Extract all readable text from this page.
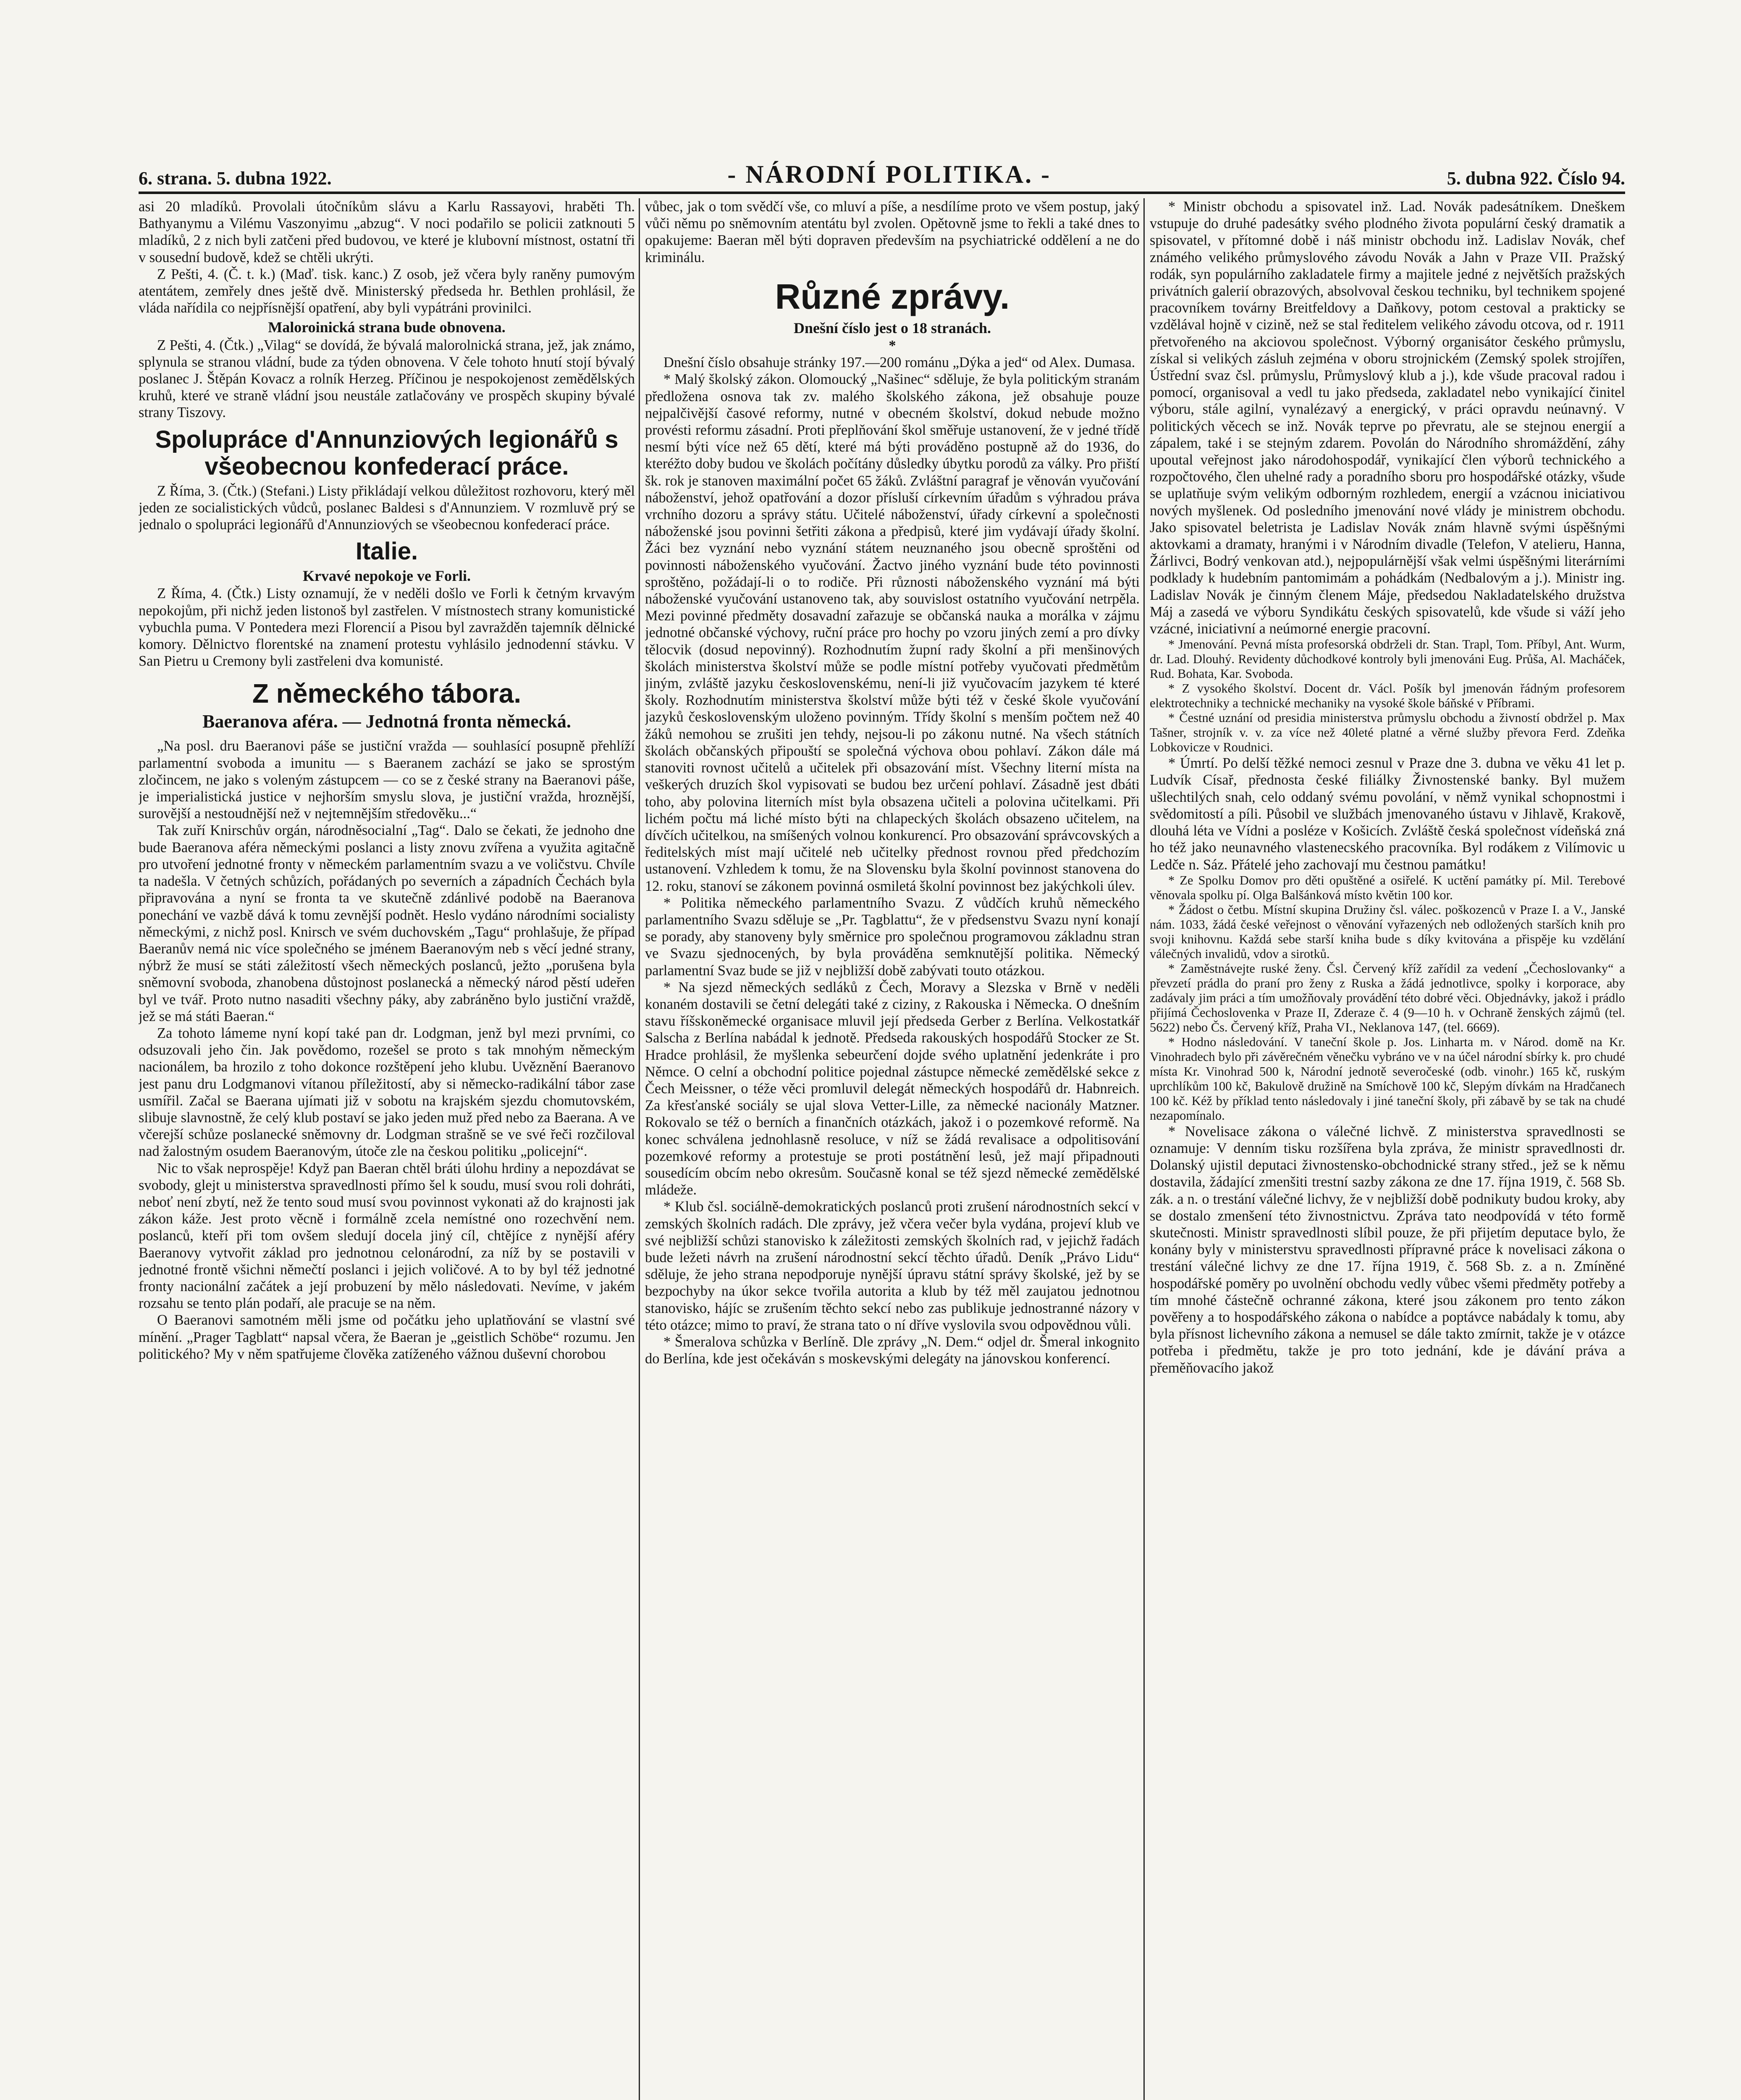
6. strana. 5. dubna 1922.	- NÁRODNÍ POLITIKA. -	5. dubna 922. Číslo 94.

asi 20 mladíků. Provolali útočníkům slávu a Karlu Rassayovi, hraběti Th. Bathyanymu a Vilému Vaszonyimu „abzug“. V noci podařilo se policii zatknouti 5 mladíků, 2 z nich byli zatčeni před budovou, ve které je klubovní místnost, ostatní tři v sousední budově, kdež se chtěli ukrýti.

Z Pešti, 4. (Č. t. k.) (Maď. tisk. kanc.) Z osob, jež včera byly raněny pumovým atentátem, zemřely dnes ještě dvě. Ministerský předseda hr. Bethlen prohlásil, že vláda nařídila co nejpřísnější opatření, aby byli vypátráni provinilci.

Maloroinická strana bude obnovena.

Z Pešti, 4. (Čtk.) „Vilag“ se dovídá, že bývalá malorolnická strana, jež, jak známo, splynula se stranou vládní, bude za týden obnovena. V čele tohoto hnutí stojí bývalý poslanec J. Štěpán Kovacz a rolník Herzeg. Příčinou je nespokojenost zemědělských kruhů, které ve straně vládní jsou neustále zatlačovány ve prospěch skupiny bývalé strany Tiszovy.

Spolupráce d'Annunziových legionářů s všeobecnou konfederací práce.

Z Říma, 3. (Čtk.) (Stefani.) Listy přikládají velkou důležitost rozhovoru, který měl jeden ze socialistických vůdců, poslanec Baldesi s d'Annunziem. V rozmluvě prý se jednalo o spolupráci legionářů d'Annunziových se všeobecnou konfederací práce.

Italie.
Krvavé nepokoje ve Forli.

Z Říma, 4. (Čtk.) Listy oznamují, že v neděli došlo ve Forli k četným krvavým nepokojům, při nichž jeden listonoš byl zastřelen. V místnostech strany komunistické vybuchla puma. V Pontedera mezi Florencií a Pisou byl zavražděn tajemník dělnické komory. Dělnictvo florentské na znamení protestu vyhlásilo jednodenní stávku. V San Pietru u Cremony byli zastřeleni dva komunisté.

Z německého tábora.
Baeranova aféra. — Jednotná fronta německá.

„Na posl. dru Baeranovi páše se justiční vražda — souhlasící posupně přehlíží parlamentní svoboda a imunitu — s Baeranem zachází se jako se sprostým zločincem, ne jako s voleným zástupcem — co se z české strany na Baeranovi páše, je imperialistická justice v nejhorším smyslu slova, je justiční vražda, hroznější, surovější a nestoudnější než v nejtemnějším středověku...“

Tak zuří Knirschův orgán, národněsocialní „Tag“. Dalo se čekati, že jednoho dne bude Baeranova aféra německými poslanci a listy znovu zvířena a využita agitačně pro utvoření jednotné fronty v německém parlamentním svazu a ve voličstvu. Chvíle ta nadešla. V četných schůzích, pořádaných po severních a západních Čechách byla připravována a nyní se fronta ta ve skutečně zdánlivé podobě na Baeranova ponechání ve vazbě dává k tomu zevnější podnět. Heslo vydáno národními socialisty německými, z nichž posl. Knirsch ve svém duchovském „Tagu“ prohlašuje, že případ Baeranův nemá nic více společného se jménem Baeranovým neb s věcí jedné strany, nýbrž že musí se státi záležitostí všech německých poslanců, ježto „porušena byla sněmovní svoboda, zhanobena důstojnost poslanecká a německý národ pěstí udeřen byl ve tvář. Proto nutno nasaditi všechny páky, aby zabráněno bylo justiční vraždě, jež se má státi Baeran.“

Za tohoto lámeme nyní kopí také pan dr. Lodgman, jenž byl mezi prvními, co odsuzovali jeho čin. Jak povědomo, rozešel se proto s tak mnohým německým nacionálem, ba hrozilo z toho dokonce rozštěpení jeho klubu. Uvěznění Baeranovo jest panu dru Lodgmanovi vítanou příležitostí, aby si německo-radikální tábor zase usmířil. Začal se Baerana ujímati již v sobotu na krajském sjezdu chomutovském, slibuje slavnostně, že celý klub postaví se jako jeden muž před nebo za Baerana. A ve včerejší schůze poslanecké sněmovny dr. Lodgman strašně se ve své řeči rozčiloval nad žalostným osudem Baeranovým, útoče zle na českou politiku „policejní“.

Nic to však neprospěje! Když pan Baeran chtěl bráti úlohu hrdiny a nepozdávat se svobody, glejt u ministerstva spravedlnosti přímo šel k soudu, musí svou roli dohráti, neboť není zbytí, než že tento soud musí svou povinnost vykonati až do krajnosti jak zákon káže. Jest proto věcně i formálně zcela nemístné ono rozechvění nem. poslanců, kteří při tom ovšem sledují docela jiný cíl, chtějíce z nynější aféry Baeranovy vytvořit základ pro jednotnou celonárodní, za níž by se postavili v jednotné frontě všichni němečtí poslanci i jejich voličové. A to by byl též jednotné fronty nacionální začátek a její probuzení by mělo následovati. Nevíme, v jakém rozsahu se tento plán podaří, ale pracuje se na něm.

O Baeranovi samotném měli jsme od počátku jeho uplatňování se vlastní své mínění. „Prager Tagblatt“ napsal včera, že Baeran je „geistlich Schöbe“ rozumu. Jen politického? My v něm spatřujeme člověka zatíženého vážnou duševní chorobou

vůbec, jak o tom svědčí vše, co mluví a píše, a nesdílíme proto ve všem postup, jaký vůči němu po sněmovním atentátu byl zvolen. Opětovně jsme to řekli a také dnes to opakujeme: Baeran měl býti dopraven především na psychiatrické oddělení a ne do kriminálu.

Různé zprávy.
Dnešní číslo jest o 18 stranách.
*

Dnešní číslo obsahuje stránky 197.—200 románu „Dýka a jed“ od Alex. Dumasa.

* Malý školský zákon. Olomoucký „Našinec“ sděluje, že byla politickým stranám předložena osnova tak zv. malého školského zákona, jež obsahuje pouze nejpalčivější časové reformy, nutné v obecném školství, dokud nebude možno provésti reformu zásadní. Proti přeplňování škol směřuje ustanovení, že v jedné třídě nesmí býti více než 65 dětí, které má býti prováděno postupně až do 1936, do kteréžto doby budou ve školách počítány důsledky úbytku porodů za války. Pro přiští šk. rok je stanoven maximální počet 65 žáků. Zvláštní paragraf je věnován vyučování náboženství, jehož opatřování a dozor přísluší církevním úřadům s výhradou práva vrchního dozoru a správy státu. Učitelé náboženství, úřady církevní a společnosti náboženské jsou povinni šetřiti zákona a předpisů, které jim vydávají úřady školní. Žáci bez vyznání nebo vyznání státem neuznaného jsou obecně sproštěni od povinnosti náboženského vyučování. Žactvo jiného vyznání bude této povinnosti sproštěno, požádají-li o to rodiče. Při různosti náboženského vyznání má býti náboženské vyučování ustanoveno tak, aby souvislost ostatního vyučování netrpěla. Mezi povinné předměty dosavadní zařazuje se občanská nauka a morálka v zájmu jednotné občanské výchovy, ruční práce pro hochy po vzoru jiných zemí a pro dívky tělocvik (dosud nepovinný). Rozhodnutím župní rady školní a při menšinových školách ministerstva školství může se podle místní potřeby vyučovati předmětům jiným, zvláště jazyku československému, není-li již vyučovacím jazykem té které školy. Rozhodnutím ministerstva školství může býti též v české škole vyučování jazyků československým uloženo povinným. Třídy školní s menším počtem než 40 žáků nemohou se zrušiti jen tehdy, nejsou-li po zákonu nutné. Na všech státních školách občanských připouští se společná výchova obou pohlaví. Zákon dále má stanoviti rovnost učitelů a učitelek při obsazování míst. Všechny literní místa na veškerých druzích škol vypisovati se budou bez určení pohlaví. Zásadně jest dbáti toho, aby polovina literních míst byla obsazena učiteli a polovina učitelkami. Při lichém počtu má liché místo býti na chlapeckých školách obsazeno učitelem, na dívčích učitelkou, na smíšených volnou konkurencí. Pro obsazování správcovských a ředitelských míst mají učitelé neb učitelky přednost rovnou před předchozím ustanovení. Vzhledem k tomu, že na Slovensku byla školní povinnost stanovena do 12. roku, stanoví se zákonem povinná osmiletá školní povinnost bez jakýchkoli úlev.

* Politika německého parlamentního Svazu. Z vůdčích kruhů německého parlamentního Svazu sděluje se „Pr. Tagblattu“, že v předsenstvu Svazu nyní konají se porady, aby stanoveny byly směrnice pro společnou programovou základnu stran ve Svazu sjednocených, by byla prováděna semknutější politika. Německý parlamentní Svaz bude se již v nejbližší době zabývati touto otázkou.

* Na sjezd německých sedláků z Čech, Moravy a Slezska v Brně v neděli konaném dostavili se četní delegáti také z ciziny, z Rakouska i Německa. O dnešním stavu říšskoněmecké organisace mluvil její předseda Gerber z Berlína. Velkostatkář Salscha z Berlína nabádal k jednotě. Předseda rakouských hospodářů Stocker ze St. Hradce prohlásil, že myšlenka sebeurčení dojde svého uplatnění jedenkráte i pro Němce. O celní a obchodní politice pojednal zástupce německé zemědělské sekce z Čech Meissner, o téže věci promluvil delegát německých hospodářů dr. Habnreich. Za křesťanské sociály se ujal slova Vetter-Lille, za německé nacionály Matzner. Rokovalo se též o berních a finančních otázkách, jakož i o pozemkové reformě. Na konec schválena jednohlasně resoluce, v níž se žádá revalisace a odpolitisování pozemkové reformy a protestuje se proti postátnění lesů, jež mají připadnouti sousedícím obcím nebo okresům. Současně konal se též sjezd německé zemědělské mládeže.

* Klub čsl. sociálně-demokratických poslanců proti zrušení národnostních sekcí v zemských školních radách. Dle zprávy, jež včera večer byla vydána, projeví klub ve své nejbližší schůzi stanovisko k záležitosti zemských školních rad, v jejichž řadách bude ležeti návrh na zrušení národnostní sekcí těchto úřadů. Deník „Právo Lidu“ sděluje, že jeho strana nepodporuje nynější úpravu státní správy školské, jež by se bezpochyby na úkor sekce tvořila autorita a klub by též měl zaujatou jednotnou stanovisko, hájíc se zrušením těchto sekcí nebo zas publikuje jednostranné názory v této otázce; mimo to praví, že strana tato o ní dříve vyslovila svou odpovědnou vůli.

* Šmeralova schůzka v Berlíně. Dle zprávy „N. Dem.“ odjel dr. Šmeral inkognito do Berlína, kde jest očekáván s moskevskými delegáty na jánovskou konferencí.

* Ministr obchodu a spisovatel inž. Lad. Novák padesátníkem. Dneškem vstupuje do druhé padesátky svého plodného života populární český dramatik a spisovatel, v přítomné době i náš ministr obchodu inž. Ladislav Novák, chef známého velikého průmyslového závodu Novák a Jahn v Praze VII. Pražský rodák, syn populárního zakladatele firmy a majitele jedné z největších pražských privátních galerií obrazových, absolvoval českou techniku, byl technikem spojené pracovníkem továrny Breitfeldovy a Daňkovy, potom cestoval a prakticky se vzdělával hojně v cizině, než se stal ředitelem velikého závodu otcova, od r. 1911 přetvořeného na akciovou společnost. Výborný organisátor českého průmyslu, získal si velikých zásluh zejména v oboru strojnickém (Zemský spolek strojířen, Ústřední svaz čsl. průmyslu, Průmyslový klub a j.), kde všude pracoval radou i pomocí, organisoval a vedl tu jako předseda, zakladatel nebo vynikající činitel výboru, stále agilní, vynalézavý a energický, v práci opravdu neúnavný. V politických věcech se inž. Novák teprve po převratu, ale se stejnou energií a zápalem, také i se stejným zdarem. Povolán do Národního shromáždění, záhy upoutal veřejnost jako národohospodář, vynikající člen výborů technického a rozpočtového, člen uhelné rady a poradního sboru pro hospodářské otázky, všude se uplatňuje svým velikým odborným rozhledem, energií a vzácnou iniciativou nových myšlenek. Od posledního jmenování nové vlády je ministrem obchodu. Jako spisovatel beletrista je Ladislav Novák znám hlavně svými úspěšnými aktovkami a dramaty, hranými i v Národním divadle (Telefon, V atelieru, Hanna, Žárlivci, Bodrý venkovan atd.), nejpopulárnější však velmi úspěšnými literárními podklady k hudebním pantomimám a pohádkám (Nedbalovým a j.). Ministr ing. Ladislav Novák je činným členem Máje, předsedou Nakladatelského družstva Máj a zasedá ve výboru Syndikátu českých spisovatelů, kde všude si váží jeho vzácné, iniciativní a neúmorné energie pracovní.

* Jmenování. Pevná místa profesorská obdrželi dr. Stan. Trapl, Tom. Příbyl, Ant. Wurm, dr. Lad. Dlouhý. Revidenty důchodkové kontroly byli jmenováni Eug. Průša, Al. Macháček, Rud. Bohata, Kar. Svoboda.

* Z vysokého školství. Docent dr. Václ. Pošík byl jmenován řádným profesorem elektrotechniky a technické mechaniky na vysoké škole báňské v Příbrami.

* Čestné uznání od presidia ministerstva průmyslu obchodu a živností obdržel p. Max Tašner, strojník v. v. za více než 40leté platné a věrné služby převora Ferd. Zdeňka Lobkovicze v Roudnici.

* Úmrtí. Po delší těžké nemoci zesnul v Praze dne 3. dubna ve věku 41 let p. Ludvík Císař, přednosta české filiálky Živnostenské banky. Byl mužem ušlechtilých snah, celo oddaný svému povolání, v němž vynikal schopnostmi i svědomitostí a píli. Působil ve službách jmenovaného ústavu v Jihlavě, Krakově, dlouhá léta ve Vídni a posléze v Košicích. Zvláště česká společnost vídeňská zná ho též jako neunavného vlastenecského pracovníka. Byl rodákem z Vilímovic u Ledče n. Sáz. Přátelé jeho zachovají mu čestnou památku!

* Ze Spolku Domov pro děti opuštěné a osiřelé. K uctění památky pí. Mil. Terebové věnovala spolku pí. Olga Balšánková místo květin 100 kor.

* Žádost o četbu. Místní skupina Družiny čsl. válec. poškozenců v Praze I. a V., Janské nám. 1033, žádá české veřejnost o věnování vyřazených neb odložených starších knih pro svoji knihovnu. Každá sebe starší kniha bude s díky kvitována a přispěje ku vzdělání válečných invalidů, vdov a sirotků.

* Zaměstnávejte ruské ženy. Čsl. Červený kříž zařídil za vedení „Čechoslovanky“ a převzetí prádla do praní pro ženy z Ruska a žádá jednotlivce, spolky i korporace, aby zadávaly jim práci a tím umožňovaly provádění této dobré věci. Objednávky, jakož i prádlo přijímá Čechoslovenka v Praze II, Zderaze č. 4 (9—10 h. v Ochraně ženských zájmů (tel. 5622) nebo Čs. Červený kříž, Praha VI., Neklanova 147, (tel. 6669).

* Hodno následování. V taneční škole p. Jos. Linharta m. v Národ. domě na Kr. Vinohradech bylo při závěrečném věnečku vybráno ve v na účel národní sbírky k. pro chudé místa Kr. Vinohrad 500 k, Národní jednotě severočeské (odb. vinohr.) 165 kč, ruským uprchlíkům 100 kč, Bakulově družině na Smíchově 100 kč, Slepým dívkám na Hradčanech 100 kč. Kéž by příklad tento následovaly i jiné taneční školy, při zábavě by se tak na chudé nezapomínalo.

* Novelisace zákona o válečné lichvě. Z ministerstva spravedlnosti se oznamuje: V denním tisku rozšířena byla zpráva, že ministr spravedlnosti dr. Dolanský ujistil deputaci živnostensko-obchodnické strany střed., jež se k němu dostavila, žádající zmenšiti trestní sazby zákona ze dne 17. října 1919, č. 568 Sb. zák. a n. o trestání válečné lichvy, že v nejbližší době podnikuty budou kroky, aby se dostalo zmenšení této živnostnictvu. Zpráva tato neodpovídá v této formě skutečnosti. Ministr spravedlnosti slíbil pouze, že při přijetím deputace bylo, že konány byly v ministerstvu spravedlnosti přípravné práce k novelisaci zákona o trestání válečné lichvy ze dne 17. října 1919, č. 568 Sb. z. a n. Zmíněné hospodářské poměry po uvolnění obchodu vedly vůbec všemi předměty potřeby a tím mnohé částečně ochranné zákona, které jsou zákonem pro tento zákon pověřeny a to hospodářského zákona o nabídce a poptávce nabádaly k tomu, aby byla přísnost lichevního zákona a nemusel se dále takto zmírnit, takže je v otázce potřeba i předmětu, takže je pro toto jednání, kde je dávání práva a přeměňovacího jakož
